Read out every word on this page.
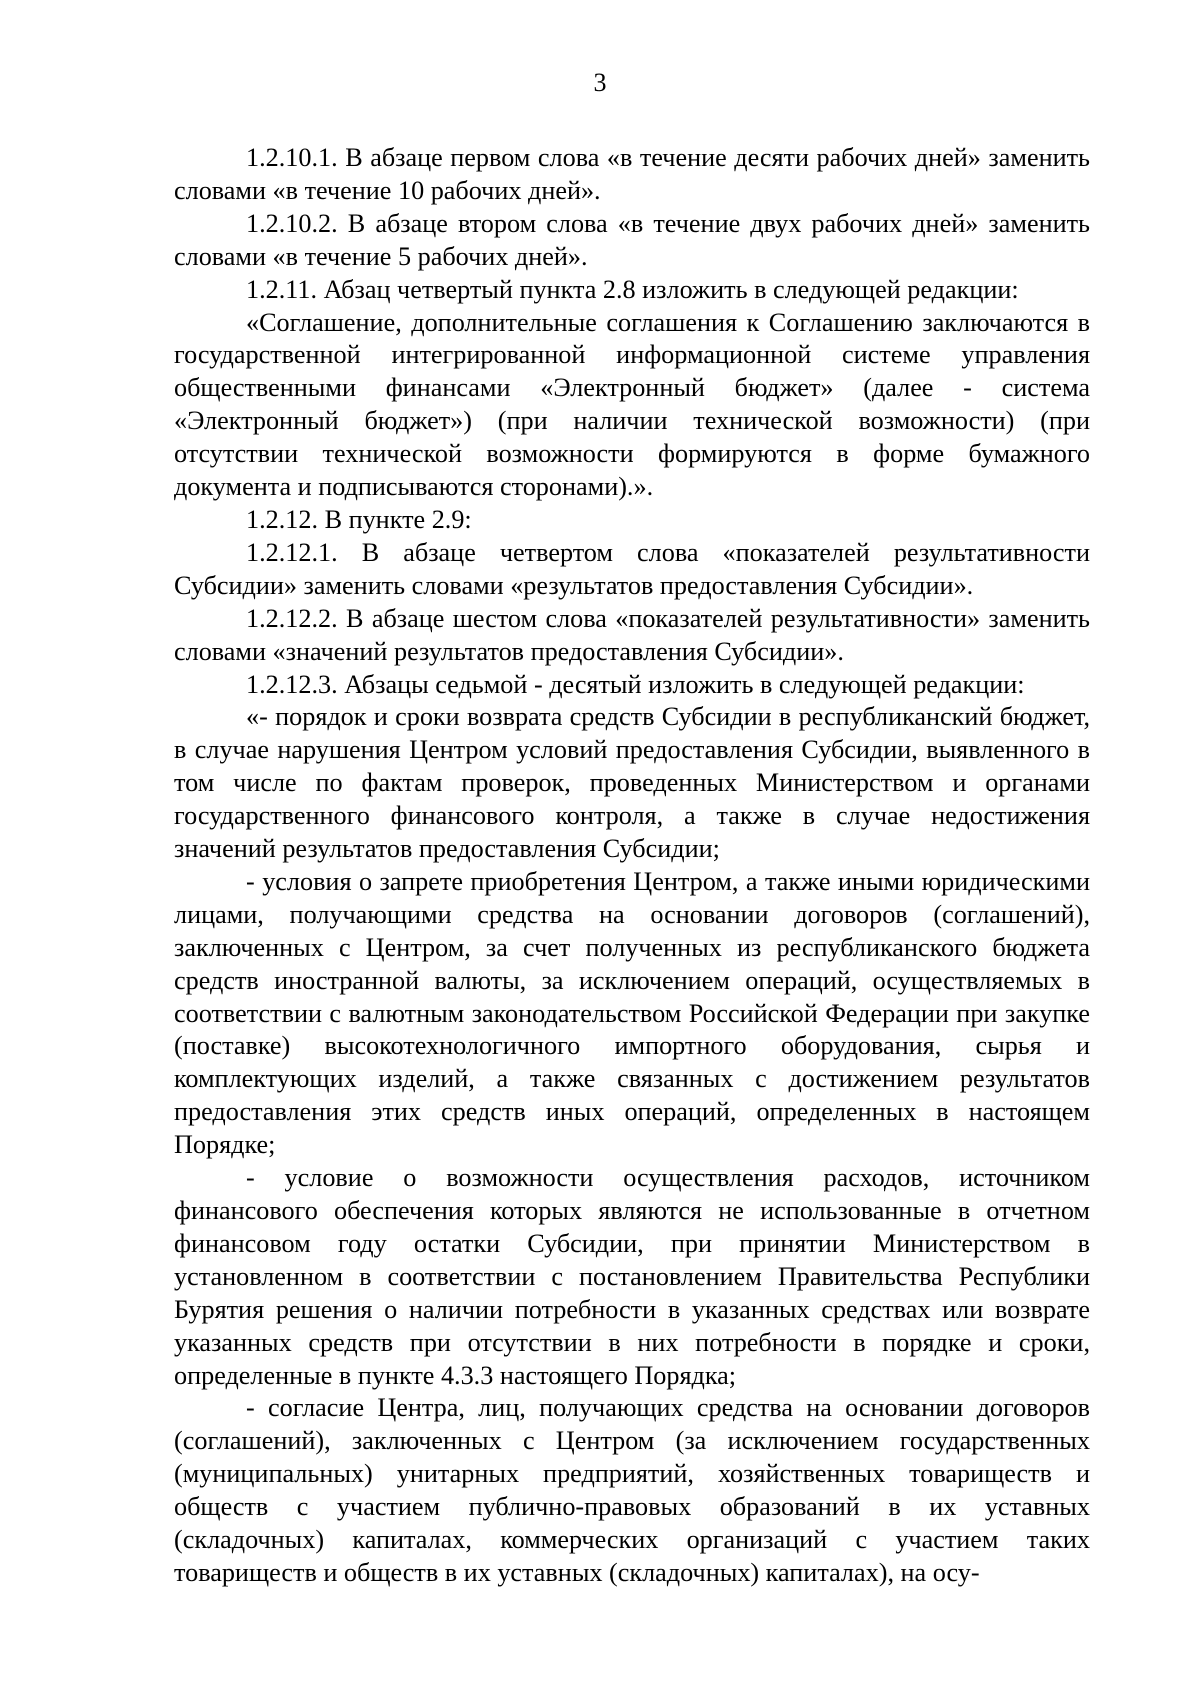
3

1.2.10.1. В абзаце первом слова «в течение десяти рабочих дней» заменить словами «в течение 10 рабочих дней».

1.2.10.2. В абзаце втором слова «в течение двух рабочих дней» заменить словами «в течение 5 рабочих дней».

1.2.11. Абзац четвертый пункта 2.8 изложить в следующей редакции:

«Соглашение, дополнительные соглашения к Соглашению заключаются в государственной интегрированной информационной системе управления общественными финансами «Электронный бюджет» (далее - система «Электронный бюджет») (при наличии технической возможности) (при отсутствии технической возможности формируются в форме бумажного документа и подписываются сторонами).».

1.2.12. В пункте 2.9:

1.2.12.1. В абзаце четвертом слова «показателей результативности Субсидии» заменить словами «результатов предоставления Субсидии».

1.2.12.2. В абзаце шестом слова «показателей результативности» заменить словами «значений результатов предоставления Субсидии».

1.2.12.3. Абзацы седьмой - десятый изложить в следующей редакции:

«- порядок и сроки возврата средств Субсидии в республиканский бюджет, в случае нарушения Центром условий предоставления Субсидии, выявленного в том числе по фактам проверок, проведенных Министерством и органами государственного финансового контроля, а также в случае недостижения значений результатов предоставления Субсидии;

- условия о запрете приобретения Центром, а также иными юридическими лицами, получающими средства на основании договоров (соглашений), заключенных с Центром, за счет полученных из республиканского бюджета средств иностранной валюты, за исключением операций, осуществляемых в соответствии с валютным законодательством Российской Федерации при закупке (поставке) высокотехнологичного импортного оборудования, сырья и комплектующих изделий, а также связанных с достижением результатов предоставления этих средств иных операций, определенных в настоящем Порядке;

- условие о возможности осуществления расходов, источником финансового обеспечения которых являются не использованные в отчетном финансовом году остатки Субсидии, при принятии Министерством в установленном в соответствии с постановлением Правительства Республики Бурятия решения о наличии потребности в указанных средствах или возврате указанных средств при отсутствии в них потребности в порядке и сроки, определенные в пункте 4.3.3 настоящего Порядка;

- согласие Центра, лиц, получающих средства на основании договоров (соглашений), заключенных с Центром (за исключением государственных (муниципальных) унитарных предприятий, хозяйственных товариществ и обществ с участием публично-правовых образований в их уставных (складочных) капиталах, коммерческих организаций с участием таких товариществ и обществ в их уставных (складочных) капиталах), на осу-
